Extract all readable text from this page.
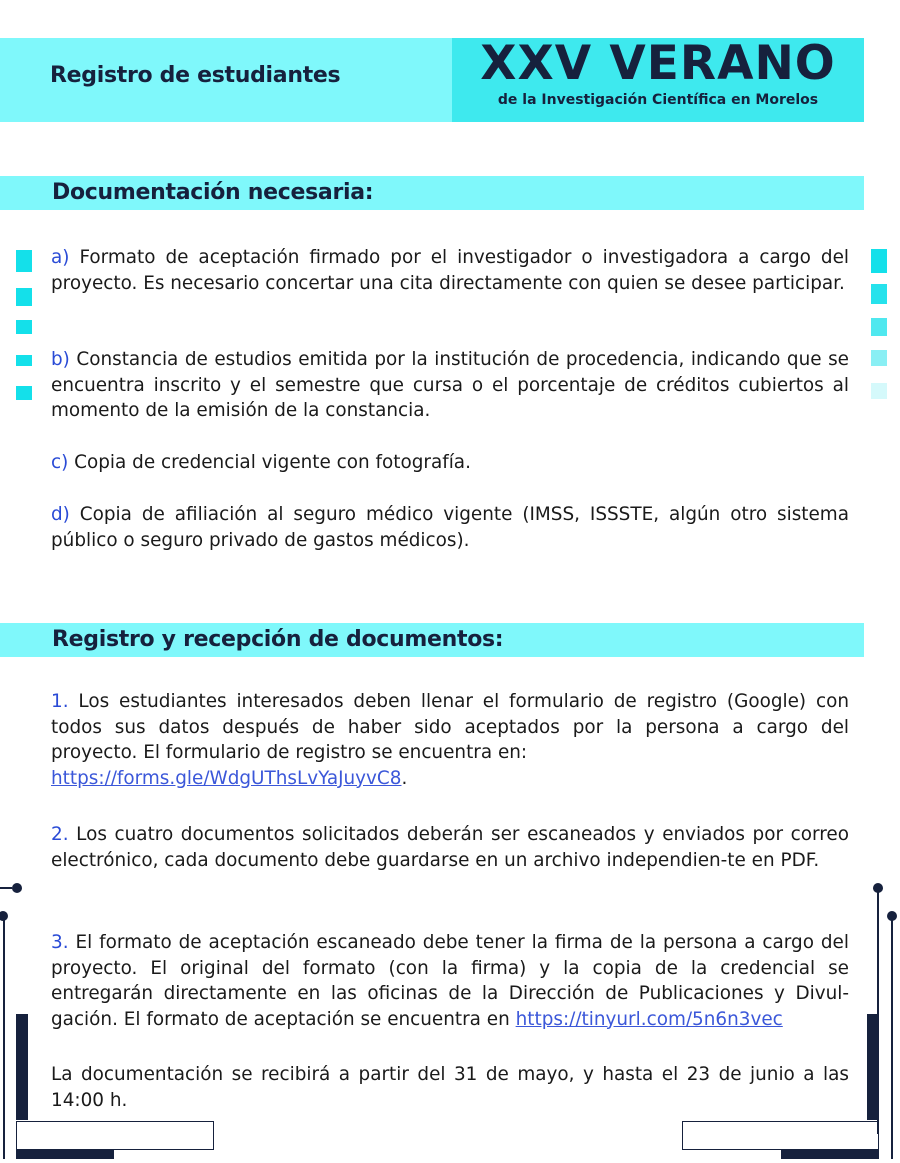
Registro de estudiantes	XXV VERANO
de la Investigación Científica en Morelos
Documentación necesaria:
a) Formato de aceptación firmado por el investigador o investigadora a cargo del proyecto. Es necesario concertar una cita directamente con quien se desee participar.
b) Constancia de estudios emitida por la institución de procedencia, indicando que se encuentra inscrito y el semestre que cursa o el porcentaje de créditos cubiertos al momento de la emisión de la constancia.
c) Copia de credencial vigente con fotografía.
d) Copia de afiliación al seguro médico vigente (IMSS, ISSSTE, algún otro sistema público o seguro privado de gastos médicos).
Registro y recepción de documentos:
1. Los estudiantes interesados deben llenar el formulario de registro (Google) con todos sus datos después de haber sido aceptados por la persona a cargo del proyecto. El formulario de registro se encuentra en:
https://forms.gle/WdgUThsLvYaJuyvC8.
2. Los cuatro documentos solicitados deberán ser escaneados y enviados por correo electrónico, cada documento debe guardarse en un archivo independien-te en PDF.
3. El formato de aceptación escaneado debe tener la firma de la persona a cargo del proyecto. El original del formato (con la firma) y la copia de la credencial se entregarán directamente en las oficinas de la Dirección de Publicaciones y Divul-gación. El formato de aceptación se encuentra en https://tinyurl.com/5n6n3vec
La documentación se recibirá a partir del 31 de mayo, y hasta el 23 de junio a las 14:00 h.
